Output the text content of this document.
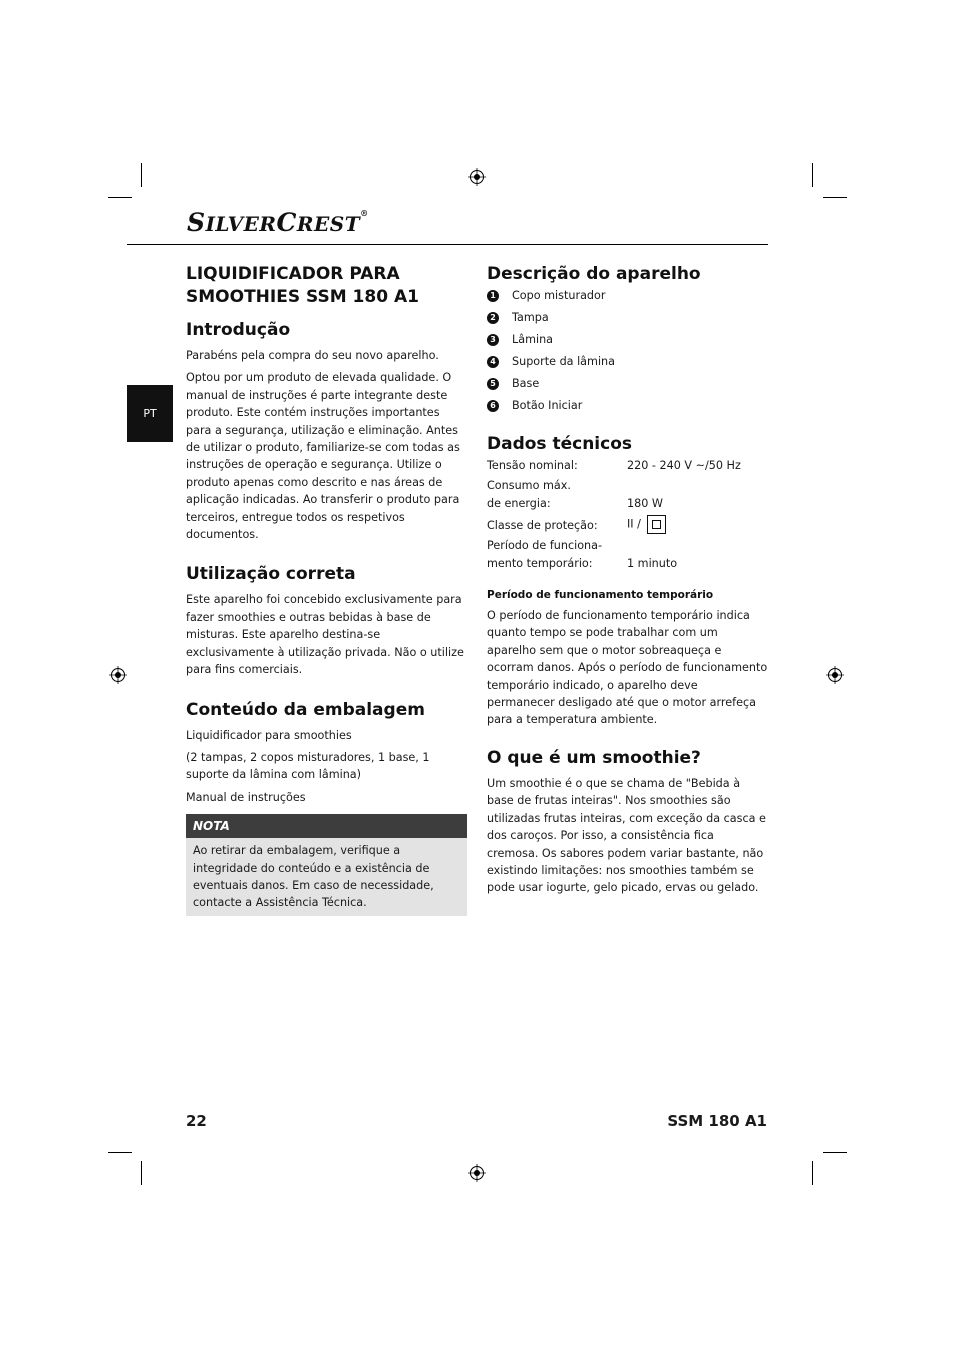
SILVERCREST®
PT
LIQUIDIFICADOR PARA SMOOTHIES SSM 180 A1
Introdução

Parabéns pela compra do seu novo aparelho.

Optou por um produto de elevada qualidade. O manual de instruções é parte integrante deste produto. Este contém instruções importantes para a segurança, utilização e eliminação. Antes de utilizar o produto, familiarize-se com todas as instruções de operação e segurança. Utilize o produto apenas como descrito e nas áreas de aplicação indicadas. Ao transferir o produto para terceiros, entregue todos os respetivos documentos.

Utilização correta

Este aparelho foi concebido exclusivamente para fazer smoothies e outras bebidas à base de misturas. Este aparelho destina-se exclusivamente à utilização privada. Não o utilize para fins comerciais.

Conteúdo da embalagem

Liquidificador para smoothies

(2 tampas, 2 copos misturadores, 1 base, 1 suporte da lâmina com lâmina)

Manual de instruções

NOTA

Ao retirar da embalagem, verifique a integridade do conteúdo e a existência de eventuais danos. Em caso de necessidade, contacte a Assistência Técnica.

Descrição do aparelho
1 Copo misturador
2 Tampa
3 Lâmina
4 Suporte da lâmina
5 Base
6 Botão Iniciar
Dados técnicos
Tensão nominal:	220 - 240 V ~/50 Hz
Consumo máx.
de energia:	180 W
Classe de proteção:	II /
Período de funciona-
mento temporário:	1 minuto
Período de funcionamento temporário

O período de funcionamento temporário indica quanto tempo se pode trabalhar com um aparelho sem que o motor sobreaqueça e ocorram danos. Após o período de funcionamento temporário indicado, o aparelho deve permanecer desligado até que o motor arrefeça para a temperatura ambiente.

O que é um smoothie?

Um smoothie é o que se chama de "Bebida à base de frutas inteiras". Nos smoothies são utilizadas frutas inteiras, com exceção da casca e dos caroços. Por isso, a consistência fica cremosa. Os sabores podem variar bastante, não existindo limitações: nos smoothies também se pode usar iogurte, gelo picado, ervas ou gelado.

22	SSM 180 A1
